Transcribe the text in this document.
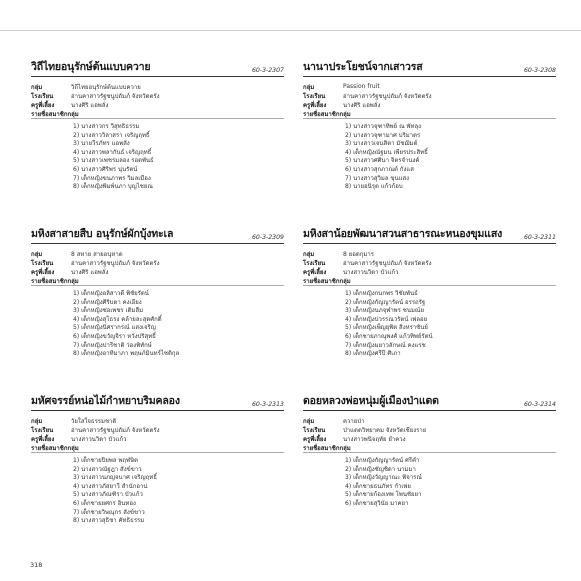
วิถีไทยอนุรักษ์ต้นแบบควาย	60-3-2307
กลุ่ม	วิถีไทยอนุรักษ์ต้นแบบควาย
โรงเรียน	อ่านคาสาวรัฐชนูปถัมภ์ จังหวัดตรัง
ครูพี่เลี้ยง	นางศิริ แอพลั่ง
รายชื่อสมาชิกกลุ่ม
1) นางสาวกร วิสุทธิธรรม
2) นางสาววิลาสรา เจริญฤทธิ์
3) นายวีรภัทร แอพลั่ง
4) นางสาวพลากันธ์ เจริญฤทธิ์
5) นางสาวเพชรมลอง รอดพันธ์
6) นางสาวศิริพร นุ่นรัตน์
7) เด็กหญิงขนภาพร วิมลเมือง
8) เด็กหญิงพิมพ์นภา บุญไชยณ
นานาประโยชน์จากเสาวรส	60-3-2308
กลุ่ม	Passion fruit
โรงเรียน	อ่านคาสาวรัฐชนูปถัมภ์ จังหวัดตรัง
ครูพี่เลี้ยง	นางศิริ แอพลั่ง
รายชื่อสมาชิกกลุ่ม
1) นางสาวจุฑาทิพย์ ณ พัทลุง
2) นางสาวจุฑามาศ บริมาดร
3) นางสาวเจนสิตา มัชฌิมต์
4) เด็กหญิงณัฐมน เพียรประสิทธิ์
5) นางสาวศศินา จิตรจำนงค์
6) นางสาวสุกภาณต์ กังแส
7) นางสาวสุวิมล ขุนแสง
8) นายอนิรุต แก้วก้อบ
มหิงสาสายสืบ อนุรักษ์ผักบุ้งทะเล	60-3-2309
กลุ่ม	8 สหาย สายอนุหาด
โรงเรียน	อ่านคาสาวรัฐชนูปถัมภ์ จังหวัดตรัง
ครูพี่เลี้ยง	นางศิริ แอพลั่ง
รายชื่อสมาชิกกลุ่ม
1) เด็กหญิงอลิสาวดี พิชัยรัตน์
2) เด็กหญิงศิริบดา คงเอียง
3) เด็กหญิงช่อเพชร เดิมลืม
4) เด็กหญิงสุโธรง คล้ายละสุดศักดิ์
5) เด็กหญิงนิศรากรณ์ แสงเจริญ
6) เด็กหญิงขวัญจิรา หวังปริสุทธิ์
7) เด็กหญิงปารีชาติ ว่องพิทักษ์
8) เด็กหญิงอาทิมาภา พฤษภ์มินทร์ไซติกุล
มหิงสาน้อยพัฒนาสวนสาธารณะหนองขุมแสง	60-3-2311
กลุ่ม	8 ยอดกุมาร
โรงเรียน	อ่านคาสาวรัฐชนูปถัมภ์ จังหวัดตรัง
ครูพี่เลี้ยง	นางสาวนวิดา บัวแก้ว
รายชื่อสมาชิกกลุ่ม
1) เด็กหญิงกนกพร วิชัยพันธ์
2) เด็กหญิงกัญญารัตน์ อรรถรัฐ
3) เด็กหญิงนภจุฬาพร ชนมณ์ย
4) เด็กหญิงปวรรณวรัตน์ เพ่ลอย
5) เด็กหญิงเพ็ญยุพิต สิงหราชันย์
6) เด็กชายภาณุพงศ์ แก้วทิพย์รัตน์
7) เด็กหญิงมยาวลักษณ์ คงแรช
8) เด็กหญิงศรีปี ศิเภา
มหัศจรรย์หน่อไม้กำหยาบริมคลอง	60-3-2313
กลุ่ม	วัยใสใจธรรมชาติ
โรงเรียน	อ่านคาสาวรัฐชนูปถัมภ์ จังหวัดตรัง
ครูพี่เลี้ยง	นางสาวนวิดา บัวแก้ว
รายชื่อสมาชิกกลุ่ม
1) เด็กชายปิยพล พฤฬษิต
2) นางสาวณัฐฎา สังข์ขาว
3) นางสาวนภญจนาศ เจริญฤทธิ์
4) นางสาวภัสยาวี สำนักอาน่
5) นางสาวภัณฑิรา บัวแก้ว
6) เด็กชายยศกร อินทอง
7) เด็กชายวิษณุกร สังข์ขาว
8) นางสาวสุธิชา คัทธิธรรม
ดอยหลวงพ่อหนุ่มผู้เมืองป่าแดด	60-3-2314
กลุ่ม	ควายป่า
โรงเรียน	ป่าแดดวิทยาคม จังหวัดเชียงราย
ครูพี่เลี้ยง	นางสาวพนิจฤทัย ยำควง
รายชื่อสมาชิกกลุ่ม
1) เด็กหญิงกัญญารัตน์ ศรีคำ
2) เด็กหญิงชัญชิดา นามมา
3) เด็กหญิงวัญญาณะ พิจารณ์
4) เด็กชายธนภัทร กำเพ่ย
5) เด็กชายก้องเทพ โพนชัยยา
6) เด็กชายสุวินัย มาคยา
318
